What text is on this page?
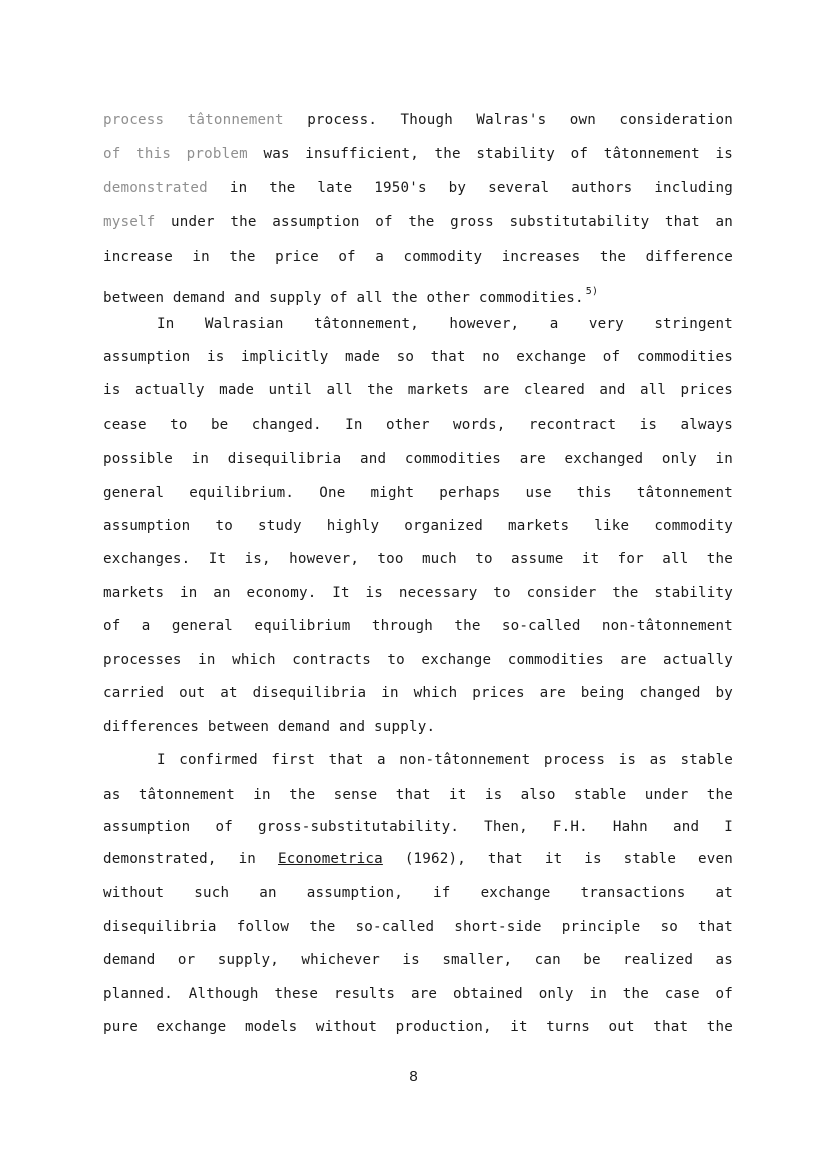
process tâtonnement process. Though Walras's own consideration
of this problem was insufficient, the stability of tâtonnement is
demonstrated in the late 1950's by several authors including
myself under the assumption of the gross substitutability that an
increase in the price of a commodity increases the difference
between demand and supply of all the other commodities. $^{5)}$
In Walrasian tâtonnement, however, a very stringent
assumption is implicitly made so that no exchange of commodities
is actually made until all the markets are cleared and all prices
cease to be changed. In other words, recontract is always
possible in disequilibria and commodities are exchanged only in
general equilibrium. One might perhaps use this tâtonnement
assumption to study highly organized markets like commodity
exchanges. It is, however, too much to assume it for all the
markets in an economy. It is necessary to consider the stability
of a general equilibrium through the so-called non-tâtonnement
processes in which contracts to exchange commodities are actually
carried out at disequilibria in which prices are being changed by
differences between demand and supply.
I confirmed first that a non-tâtonnement process is as stable
as tâtonnement in the sense that it is also stable under the
assumption of gross-substitutability. Then, F.H. Hahn and I
demonstrated, in Econometrica (1962), that it is stable even
without such an assumption, if exchange transactions at
disequilibria follow the so-called short-side principle so that
demand or supply, whichever is smaller, can be realized as
planned. Although these results are obtained only in the case of
pure exchange models without production, it turns out that the
8
